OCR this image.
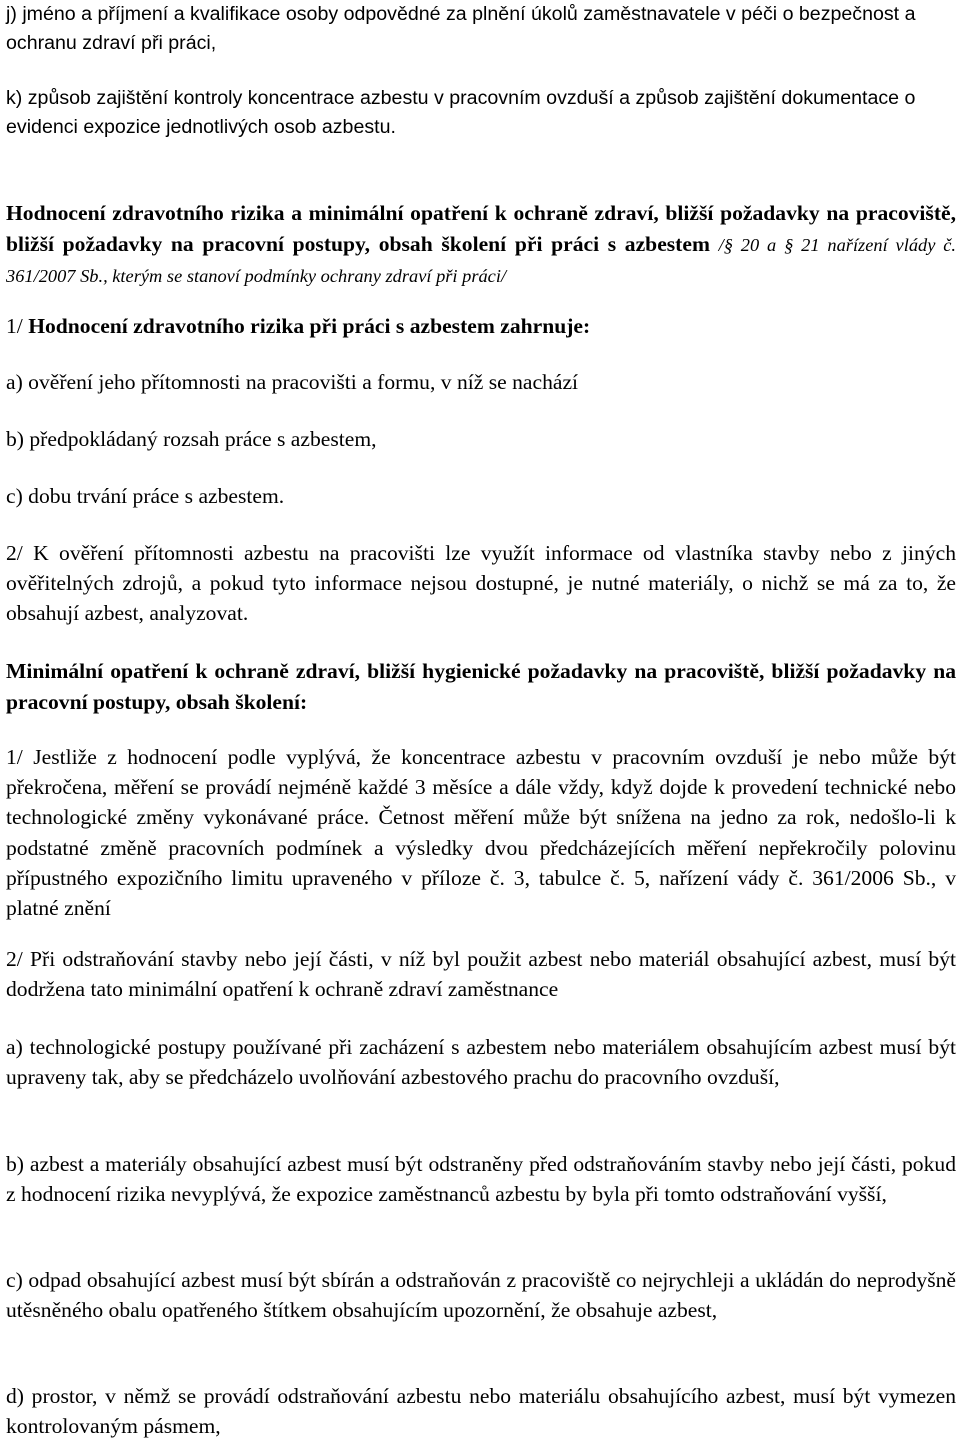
j) jméno a příjmení a kvalifikace osoby odpovědné za plnění úkolů zaměstnavatele v péči o bezpečnost a ochranu zdraví při práci,

k) způsob zajištění kontroly koncentrace azbestu v pracovním ovzduší a způsob zajištění dokumentace o evidenci expozice jednotlivých osob azbestu.

Hodnocení zdravotního rizika a minimální opatření k ochraně zdraví, bližší požadavky na pracoviště, bližší požadavky na pracovní postupy, obsah školení při práci s azbestem /§ 20 a § 21 nařízení vlády č. 361/2007 Sb., kterým se stanoví podmínky ochrany zdraví při práci/

1/ Hodnocení zdravotního rizika při práci s azbestem zahrnuje:

a) ověření jeho přítomnosti na pracovišti a formu, v níž se nachází

b) předpokládaný rozsah práce s azbestem,

c) dobu trvání práce s azbestem.

2/ K ověření přítomnosti azbestu na pracovišti lze využít informace od vlastníka stavby nebo z jiných ověřitelných zdrojů, a pokud tyto informace nejsou dostupné, je nutné materiály, o nichž se má za to, že obsahují azbest, analyzovat.

Minimální opatření k ochraně zdraví, bližší hygienické požadavky na pracoviště, bližší požadavky na pracovní postupy, obsah školení:

1/ Jestliže z hodnocení podle vyplývá, že koncentrace azbestu v pracovním ovzduší je nebo může být překročena, měření se provádí nejméně každé 3 měsíce a dále vždy, když dojde k provedení technické nebo technologické změny vykonávané práce. Četnost měření může být snížena na jedno za rok, nedošlo-li k podstatné změně pracovních podmínek a výsledky dvou předcházejících měření nepřekročily polovinu přípustného expozičního limitu upraveného v příloze č. 3, tabulce č. 5, nařízení vády č. 361/2006 Sb., v platné znění

2/ Při odstraňování stavby nebo její části, v níž byl použit azbest nebo materiál obsahující azbest, musí být dodržena tato minimální opatření k ochraně zdraví zaměstnance

a) technologické postupy používané při zacházení s azbestem nebo materiálem obsahujícím azbest musí být upraveny tak, aby se předcházelo uvolňování azbestového prachu do pracovního ovzduší,

b) azbest a materiály obsahující azbest musí být odstraněny před odstraňováním stavby nebo její části, pokud z hodnocení rizika nevyplývá, že expozice zaměstnanců azbestu by byla při tomto odstraňování vyšší,

c) odpad obsahující azbest musí být sbírán a odstraňován z pracoviště co nejrychleji a ukládán do neprodyšně utěsněného obalu opatřeného štítkem obsahujícím upozornění, že obsahuje azbest,

d) prostor, v němž se provádí odstraňování azbestu nebo materiálu obsahujícího azbest, musí být vymezen kontrolovaným pásmem,
